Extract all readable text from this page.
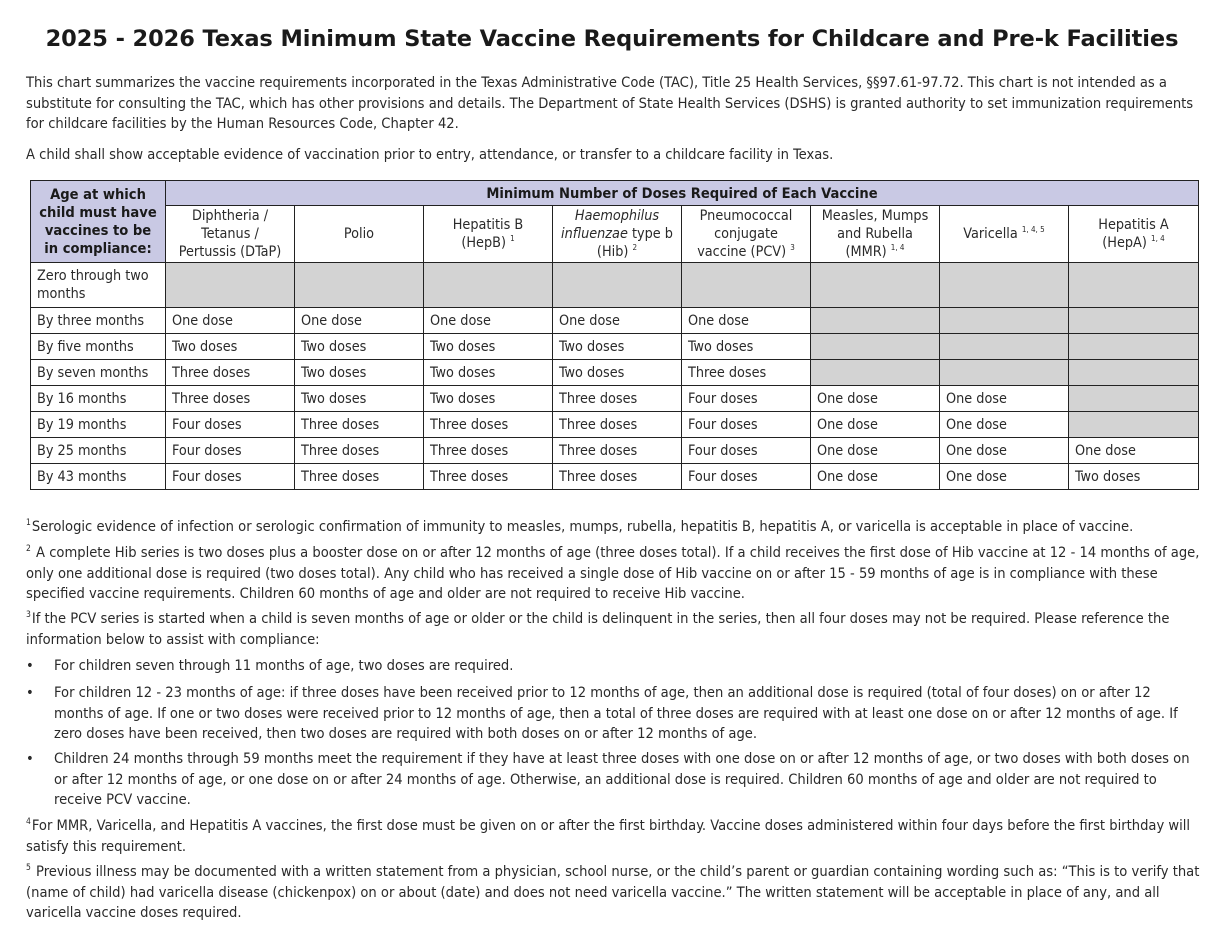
2025 - 2026 Texas Minimum State Vaccine Requirements for Childcare and Pre-k Facilities

This chart summarizes the vaccine requirements incorporated in the Texas Administrative Code (TAC), Title 25 Health Services, §§97.61-97.72. This chart is not intended as a substitute for consulting the TAC, which has other provisions and details. The Department of State Health Services (DSHS) is granted authority to set immunization requirements for childcare facilities by the Human Resources Code, Chapter 42.

A child shall show acceptable evidence of vaccination prior to entry, attendance, or transfer to a childcare facility in Texas.

Age at which child must have vaccines to be in compliance:	Minimum Number of Doses Required of Each Vaccine							
	Diphtheria / Tetanus / Pertussis (DTaP)	Polio	Hepatitis B (HepB) $^1$	Haemophilus influenzae type b (Hib) $^2$	Pneumococcal conjugate vaccine (PCV) $^3$	Measles, Mumps and Rubella (MMR) $^{1, 4}$	Varicella $^{1, 4, 5}$	Hepatitis A (HepA) $^{1, 4}$
Zero through two months								
By three months	One dose	One dose	One dose	One dose	One dose			
By five months	Two doses	Two doses	Two doses	Two doses	Two doses			
By seven months	Three doses	Two doses	Two doses	Two doses	Three doses			
By 16 months	Three doses	Two doses	Two doses	Three doses	Four doses	One dose	One dose	
By 19 months	Four doses	Three doses	Three doses	Three doses	Four doses	One dose	One dose	
By 25 months	Four doses	Three doses	Three doses	Three doses	Four doses	One dose	One dose	One dose
By 43 months	Four doses	Three doses	Three doses	Three doses	Four doses	One dose	One dose	Two doses

$^1$Serologic evidence of infection or serologic confirmation of immunity to measles, mumps, rubella, hepatitis B, hepatitis A, or varicella is acceptable in place of vaccine.

$^2$ A complete Hib series is two doses plus a booster dose on or after 12 months of age (three doses total). If a child receives the first dose of Hib vaccine at 12 - 14 months of age, only one additional dose is required (two doses total). Any child who has received a single dose of Hib vaccine on or after 15 - 59 months of age is in compliance with these specified vaccine requirements. Children 60 months of age and older are not required to receive Hib vaccine.

$^3$If the PCV series is started when a child is seven months of age or older or the child is delinquent in the series, then all four doses may not be required. Please reference the information below to assist with compliance:

• For children seven through 11 months of age, two doses are required.
• For children 12 - 23 months of age: if three doses have been received prior to 12 months of age, then an additional dose is required (total of four doses) on or after 12 months of age. If one or two doses were received prior to 12 months of age, then a total of three doses are required with at least one dose on or after 12 months of age. If zero doses have been received, then two doses are required with both doses on or after 12 months of age.
• Children 24 months through 59 months meet the requirement if they have at least three doses with one dose on or after 12 months of age, or two doses with both doses on or after 12 months of age, or one dose on or after 24 months of age. Otherwise, an additional dose is required. Children 60 months of age and older are not required to receive PCV vaccine.

$^4$For MMR, Varicella, and Hepatitis A vaccines, the first dose must be given on or after the first birthday. Vaccine doses administered within four days before the first birthday will satisfy this requirement.

$^5$ Previous illness may be documented with a written statement from a physician, school nurse, or the child’s parent or guardian containing wording such as: “This is to verify that (name of child) had varicella disease (chickenpox) on or about (date) and does not need varicella vaccine.” The written statement will be acceptable in place of any, and all varicella vaccine doses required.
